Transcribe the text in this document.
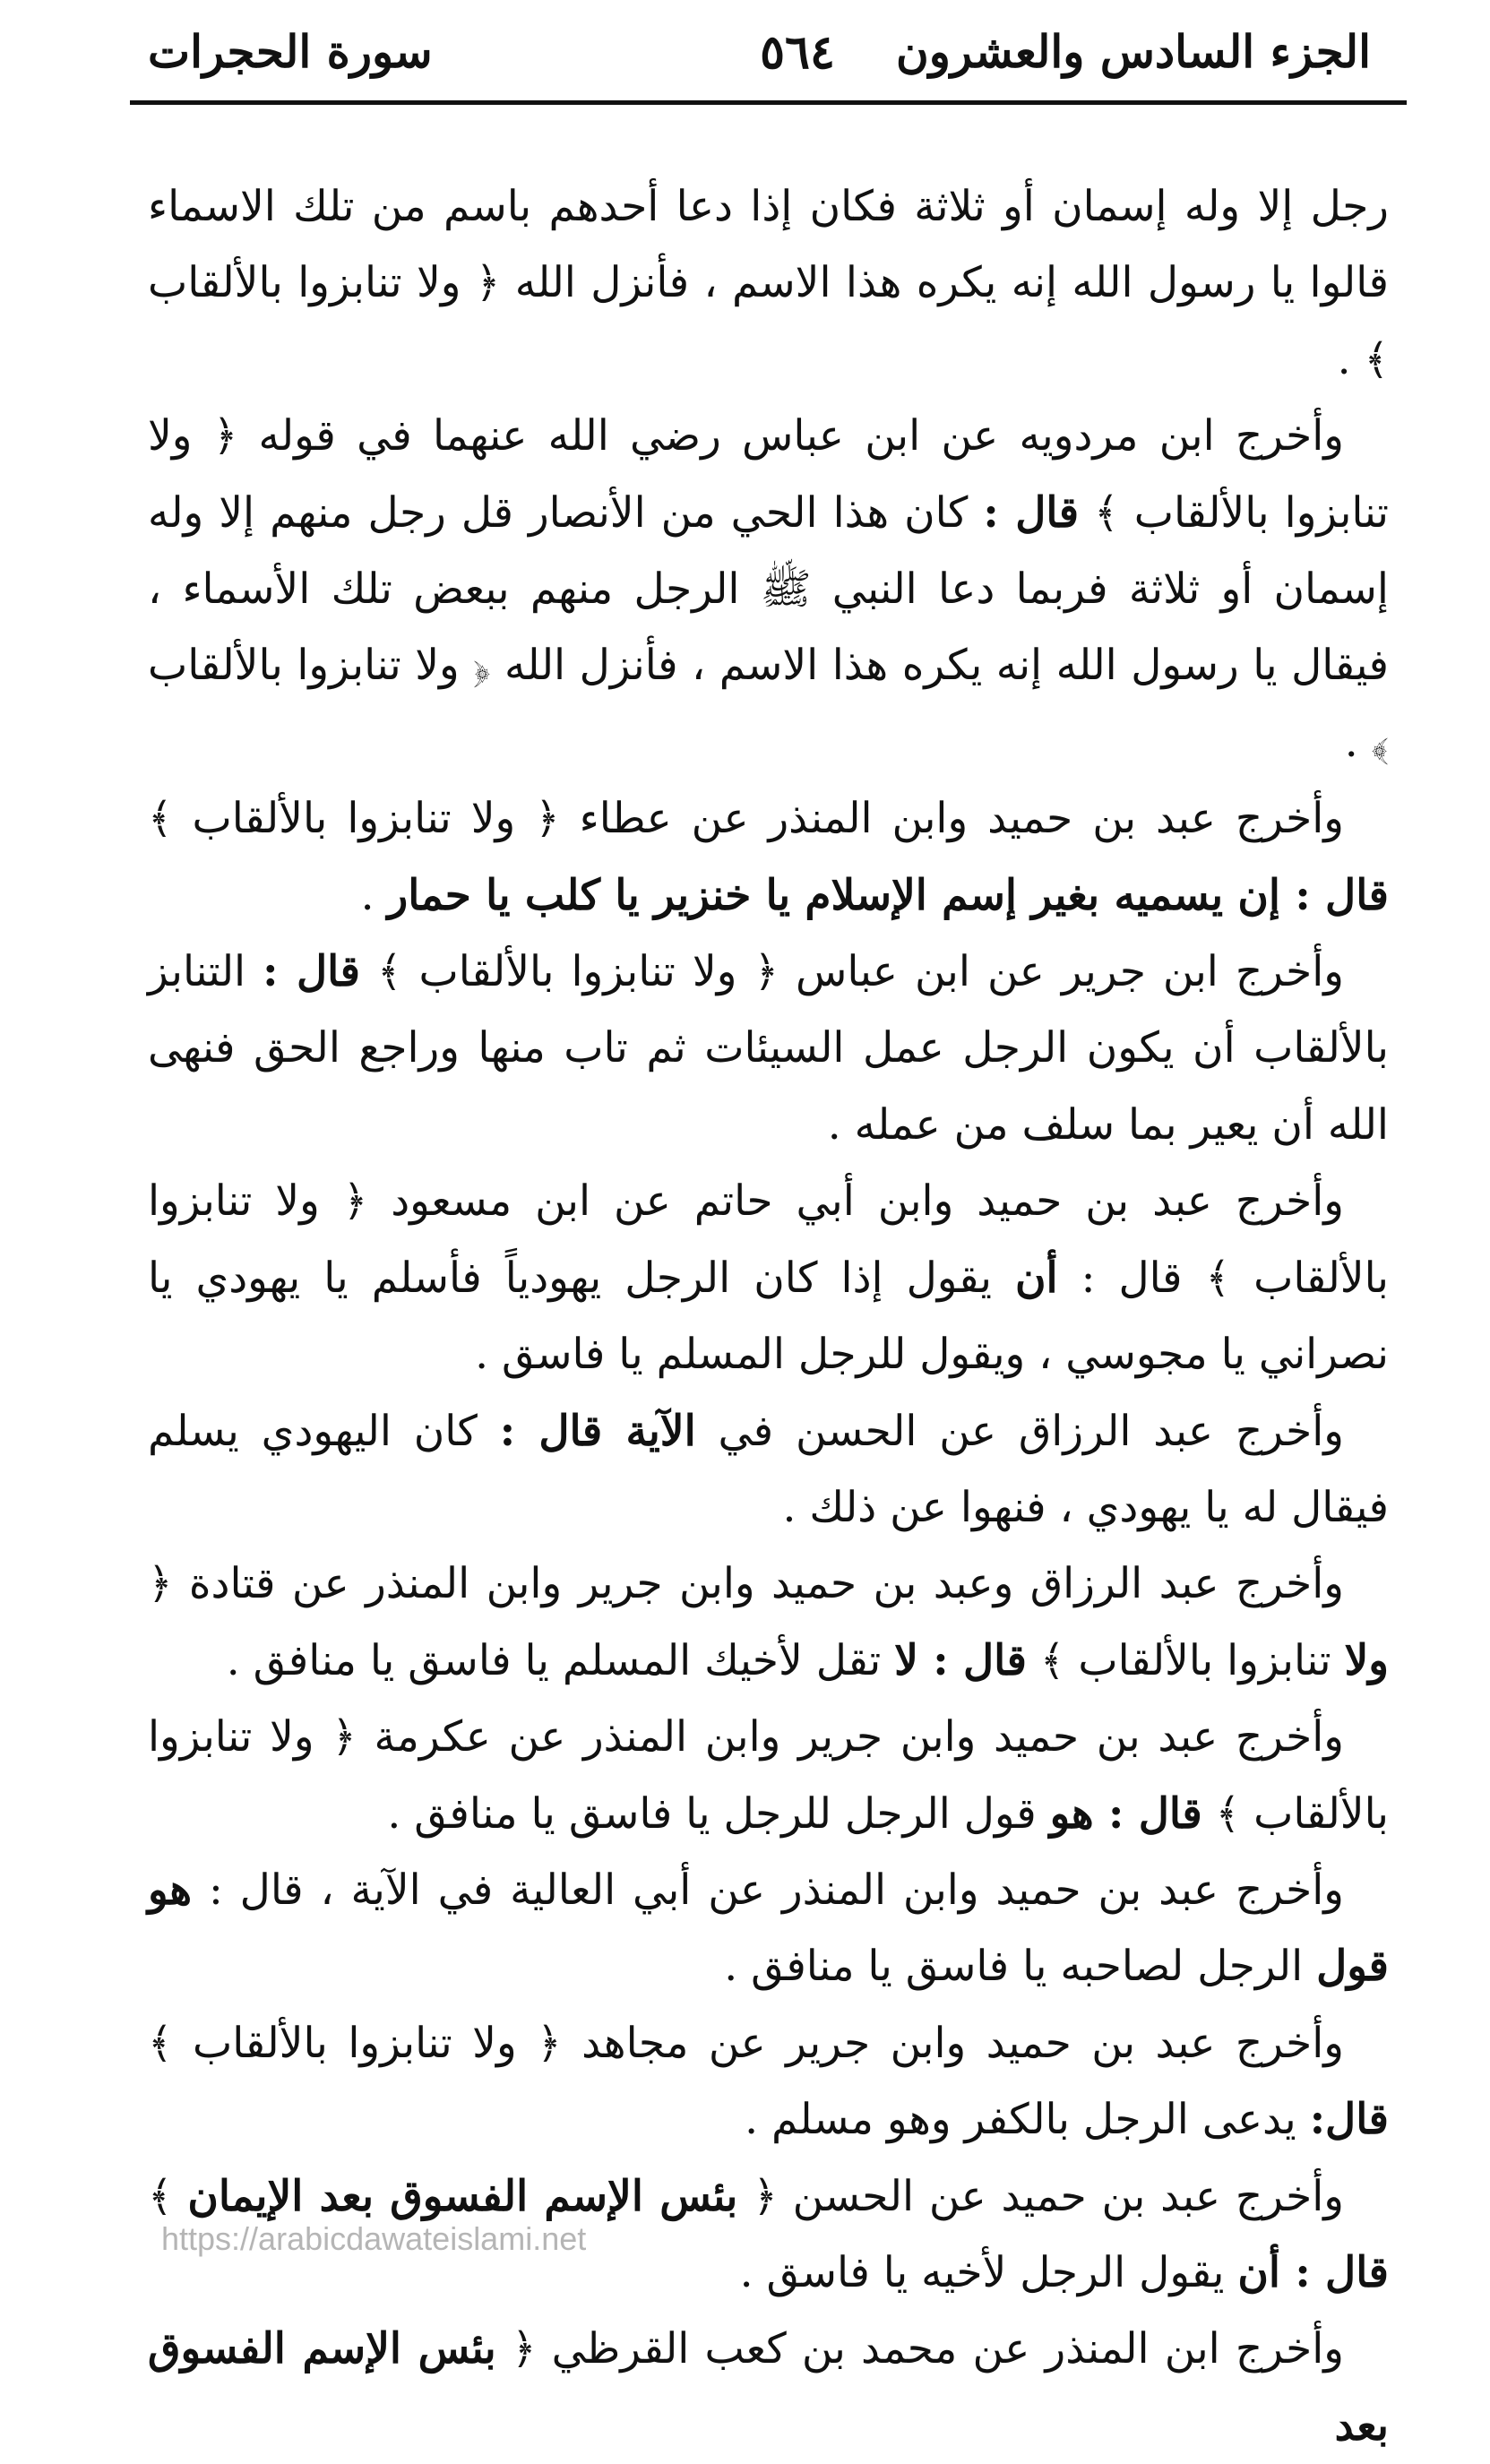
الجزء السادس والعشرون
٥٦٤
سورة الحجرات

رجل إلا وله إسمان أو ثلاثة فكان إذا دعا أحدهم باسم من تلك الاسماء قالوا يا رسول الله إنه يكره هذا الاسم ، فأنزل الله ﴿ ولا تنابزوا بالألقاب ﴾ .

وأخرج ابن مردويه عن ابن عباس رضي الله عنهما في قوله ﴿ ولا تنابزوا بالألقاب ﴾ قال : كان هذا الحي من الأنصار قل رجل منهم إلا وله إسمان أو ثلاثة فربما دعا النبي ﷺ الرجل منهم ببعض تلك الأسماء ، فيقال يا رسول الله إنه يكره هذا الاسم ، فأنزل الله ﴿ ولا تنابزوا بالألقاب ﴾ .

وأخرج عبد بن حميد وابن المنذر عن عطاء ﴿ ولا تنابزوا بالألقاب ﴾ قال : إن يسميه بغير إسم الإسلام يا خنزير يا كلب يا حمار .

وأخرج ابن جرير عن ابن عباس ﴿ ولا تنابزوا بالألقاب ﴾ قال : التنابز بالألقاب أن يكون الرجل عمل السيئات ثم تاب منها وراجع الحق فنهى الله أن يعير بما سلف من عمله .

وأخرج عبد بن حميد وابن أبي حاتم عن ابن مسعود ﴿ ولا تنابزوا بالألقاب ﴾ قال : أن يقول إذا كان الرجل يهودياً فأسلم يا يهودي يا نصراني يا مجوسي ، ويقول للرجل المسلم يا فاسق .

وأخرج عبد الرزاق عن الحسن في الآية قال : كان اليهودي يسلم فيقال له يا يهودي ، فنهوا عن ذلك .

وأخرج عبد الرزاق وعبد بن حميد وابن جرير وابن المنذر عن قتادة ﴿ ولا تنابزوا بالألقاب ﴾ قال : لا تقل لأخيك المسلم يا فاسق يا منافق .

وأخرج عبد بن حميد وابن جرير وابن المنذر عن عكرمة ﴿ ولا تنابزوا بالألقاب ﴾ قال : هو قول الرجل للرجل يا فاسق يا منافق .

وأخرج عبد بن حميد وابن المنذر عن أبي العالية في الآية ، قال : هو قول الرجل لصاحبه يا فاسق يا منافق .

وأخرج عبد بن حميد وابن جرير عن مجاهد ﴿ ولا تنابزوا بالألقاب ﴾ قال: يدعى الرجل بالكفر وهو مسلم .

وأخرج عبد بن حميد عن الحسن ﴿ بئس الإسم الفسوق بعد الإيمان ﴾ قال : أن يقول الرجل لأخيه يا فاسق .

وأخرج ابن المنذر عن محمد بن كعب القرظي ﴿ بئس الإسم الفسوق بعد

https://arabicdawateislami.net
